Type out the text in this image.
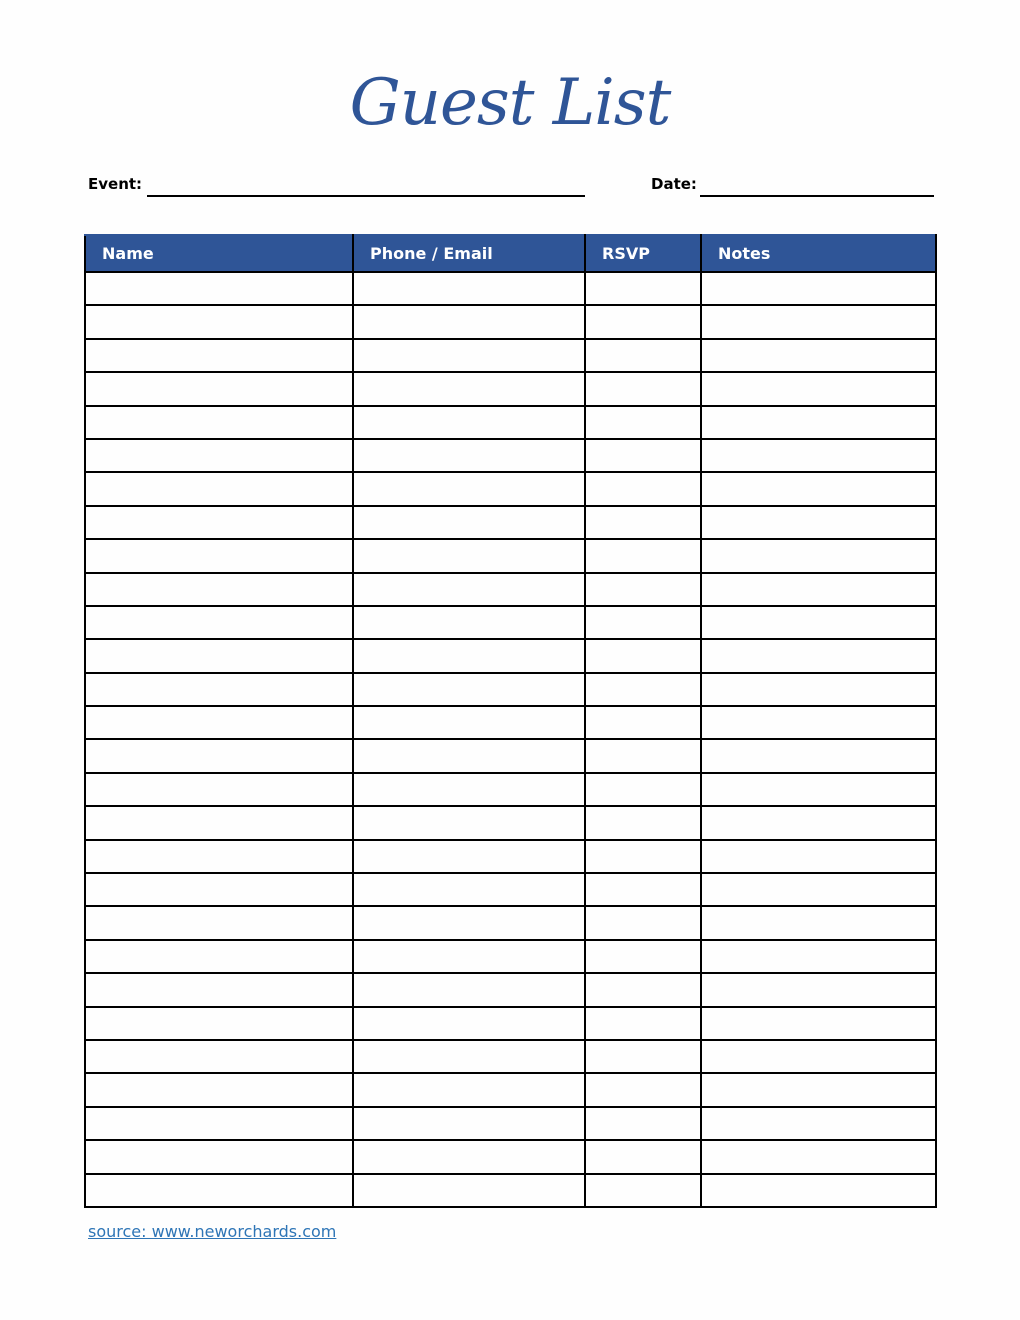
Guest List
Event:	Date:
Name	Phone / Email	RSVP	Notes

source: www.neworchards.com
